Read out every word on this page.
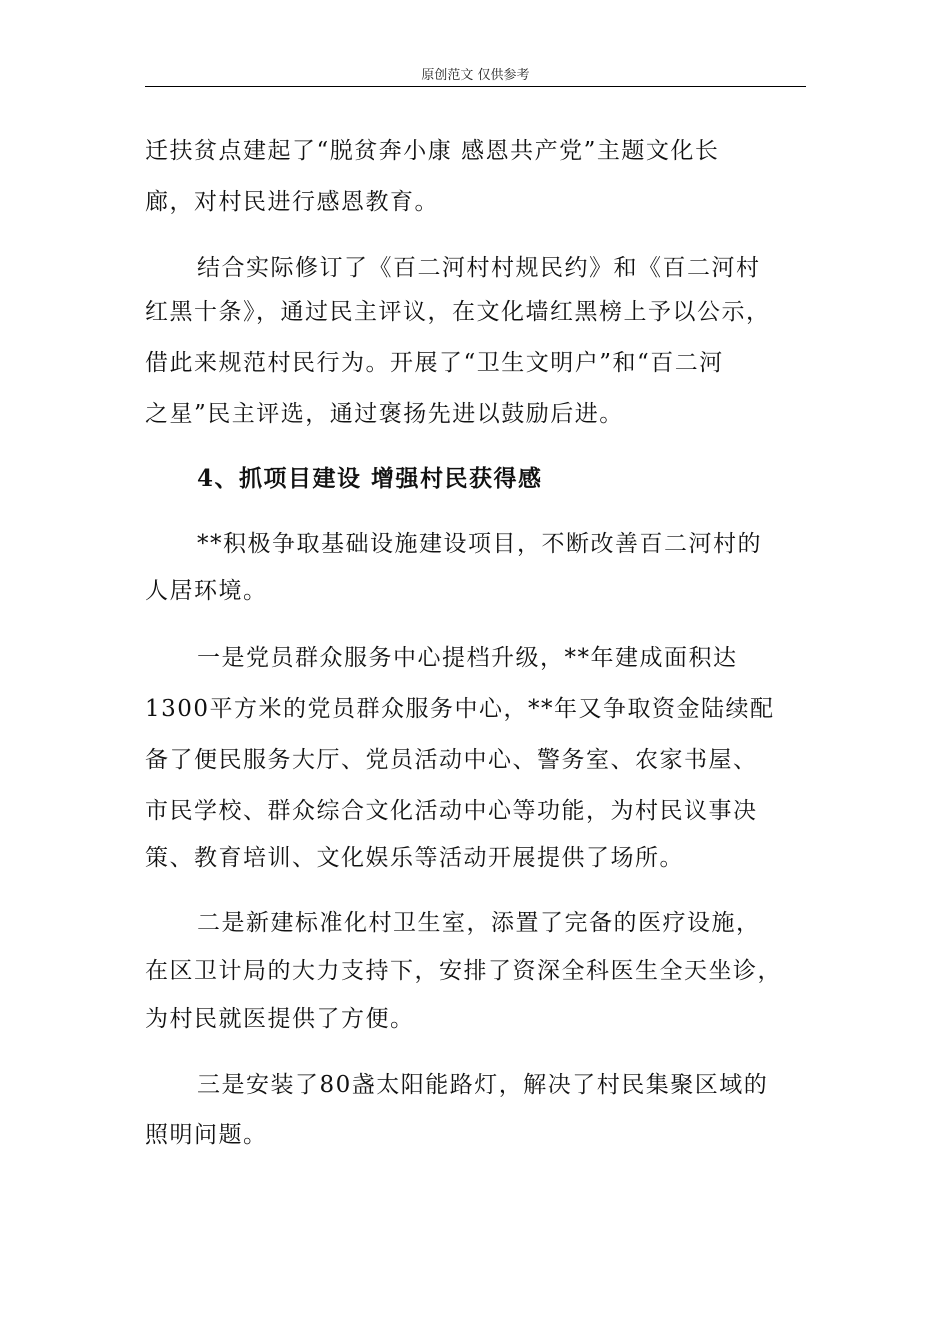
原创范文 仅供参考
迁扶贫点建起了“脱贫奔小康 感恩共产党”主题文化长
廊，对村民进行感恩教育。
结合实际修订了《百二河村村规民约》和《百二河村
红黑十条》，通过民主评议，在文化墙红黑榜上予以公示，
借此来规范村民行为。开展了“卫生文明户”和“百二河
之星”民主评选，通过褒扬先进以鼓励后进。
4、抓项目建设 增强村民获得感
**积极争取基础设施建设项目，不断改善百二河村的
人居环境。
一是党员群众服务中心提档升级，**年建成面积达
1300平方米的党员群众服务中心，**年又争取资金陆续配
备了便民服务大厅、党员活动中心、警务室、农家书屋、
市民学校、群众综合文化活动中心等功能，为村民议事决
策、教育培训、文化娱乐等活动开展提供了场所。
二是新建标准化村卫生室，添置了完备的医疗设施，
在区卫计局的大力支持下，安排了资深全科医生全天坐诊，
为村民就医提供了方便。
三是安装了80盏太阳能路灯，解决了村民集聚区域的
照明问题。
